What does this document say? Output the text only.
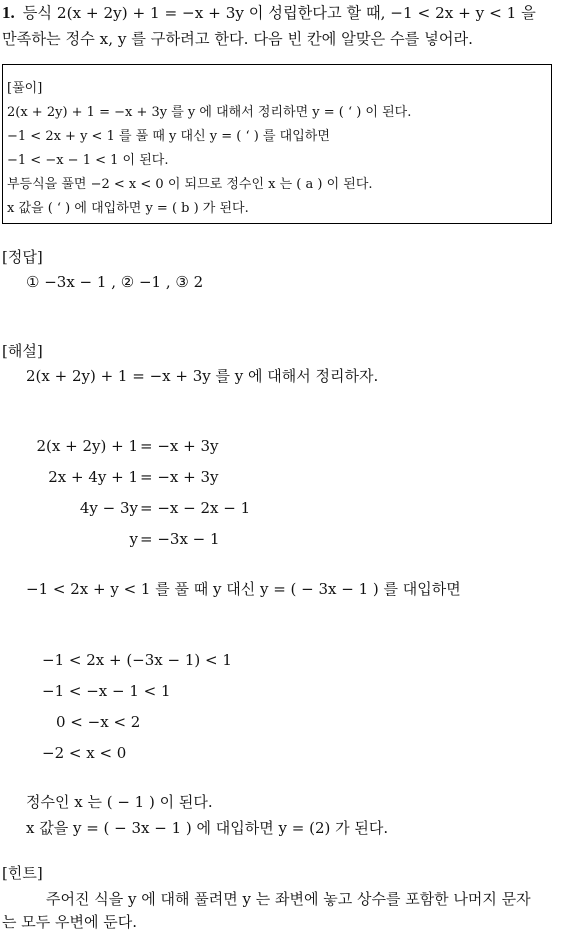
1. 등식 2(x + 2y) + 1 = −x + 3y 이 성립한다고 할 때, −1 < 2x + y < 1 을
만족하는 정수 x, y 를 구하려고 한다. 다음 빈 칸에 알맞은 수를 넣어라.
[풀이]
2(x + 2y) + 1 = −x + 3y 를 y 에 대해서 정리하면 y = ( ‘ ) 이 된다.
−1 < 2x + y < 1 를 풀 때 y 대신 y = ( ‘ ) 를 대입하면
−1 < −x − 1 < 1 이 된다.
부등식을 풀면 −2 < x < 0 이 되므로 정수인 x 는 ( a ) 이 된다.
x 값을 ( ‘ ) 에 대입하면 y = ( b ) 가 된다.
[정답]
① −3x − 1 , ② −1 , ③ 2
[해설]
2(x + 2y) + 1 = −x + 3y 를 y 에 대해서 정리하자.
2(x + 2y) + 1 = −x + 3y
2x + 4y + 1 = −x + 3y
4y − 3y = −x − 2x − 1
y = −3x − 1
−1 < 2x + y < 1 를 풀 때 y 대신 y = ( − 3x − 1 ) 를 대입하면
−1 < 2x + (−3x − 1) < 1
−1 < −x − 1 < 1
0 < −x < 2
−2 < x < 0
정수인 x 는 ( − 1 ) 이 된다.
x 값을 y = ( − 3x − 1 ) 에 대입하면 y = (2) 가 된다.
[힌트]
주어진 식을 y 에 대해 풀려면 y 는 좌변에 놓고 상수를 포함한 나머지 문자
는 모두 우변에 둔다.
